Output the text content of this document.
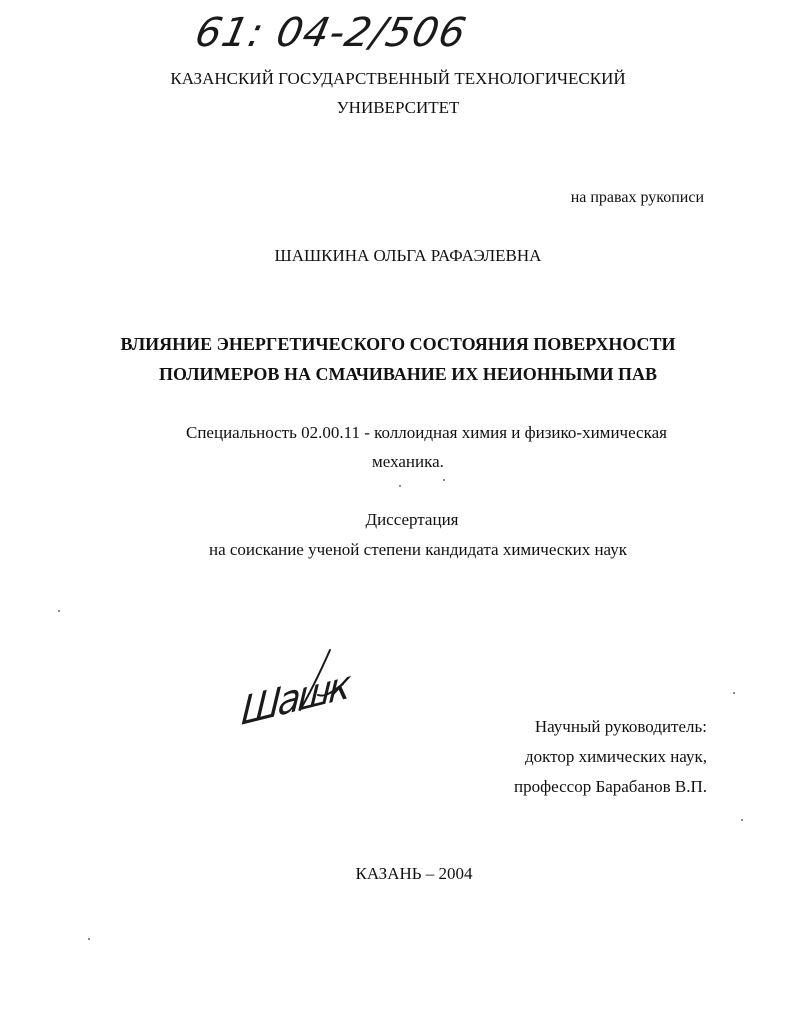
61: 04-2/506
КАЗАНСКИЙ ГОСУДАРСТВЕННЫЙ ТЕХНОЛОГИЧЕСКИЙ
УНИВЕРСИТЕТ
на правах рукописи
ШАШКИНА ОЛЬГА РАФАЭЛЕВНА
ВЛИЯНИЕ ЭНЕРГЕТИЧЕСКОГО СОСТОЯНИЯ ПОВЕРХНОСТИ
ПОЛИМЕРОВ НА СМАЧИВАНИЕ ИХ НЕИОННЫМИ ПАВ
Специальность 02.00.11 - коллоидная химия и физико-химическая
механика.
Диссертация
на соискание ученой степени кандидата химических наук
Шашк	Научный руководитель:
доктор химических наук,
профессор Барабанов В.П.
КАЗАНЬ – 2004
